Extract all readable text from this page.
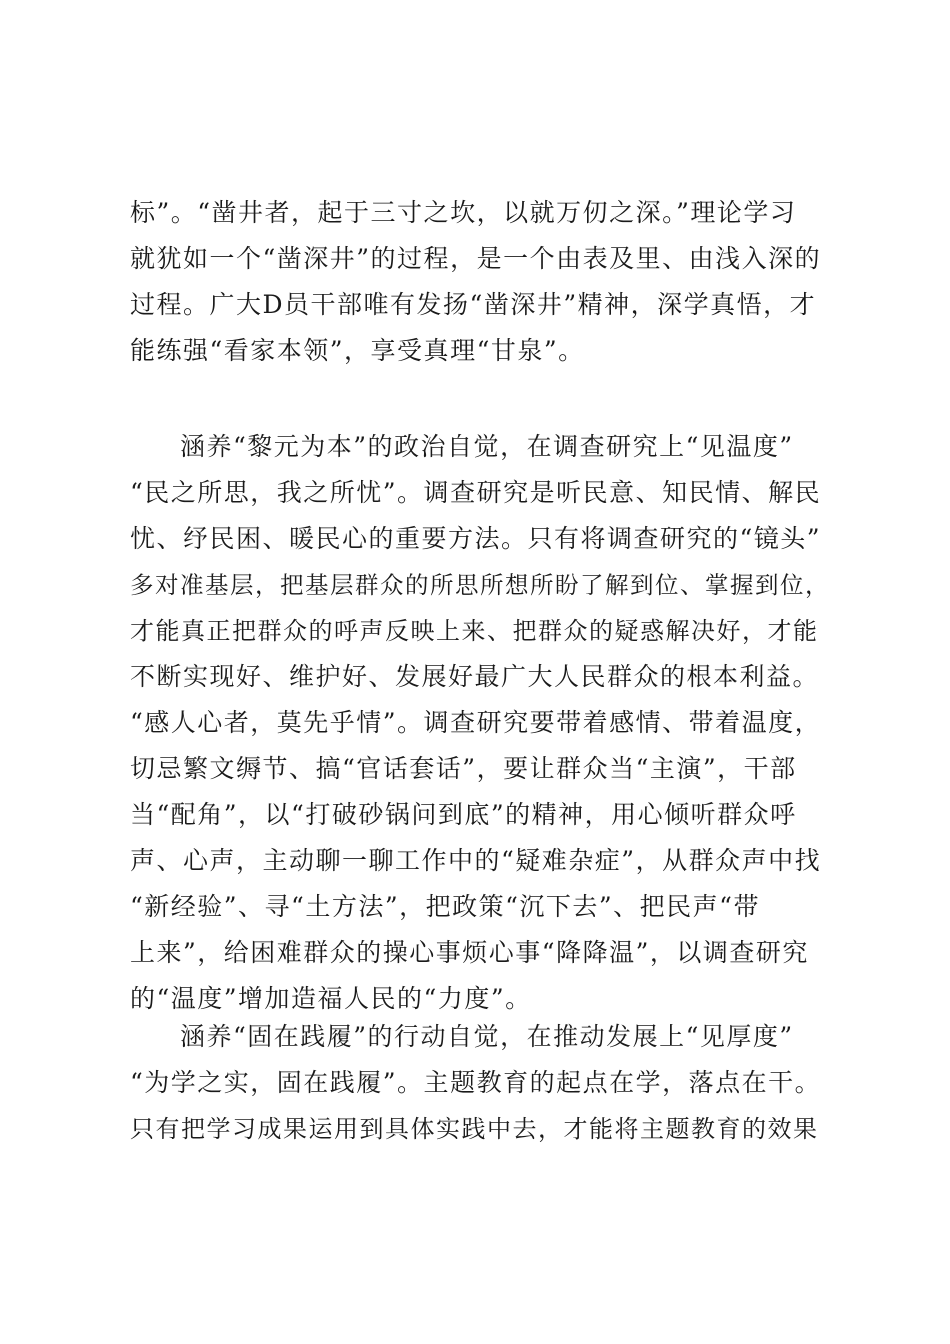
标”。“凿井者，起于三寸之坎，以就万仞之深。”理论学习
就犹如一个“凿深井”的过程，是一个由表及里、由浅入深的
过程。广大D员干部唯有发扬“凿深井”精神，深学真悟，才
能练强“看家本领”，享受真理“甘泉”。
涵养“黎元为本”的政治自觉，在调查研究上“见温度”
“民之所思，我之所忧”。调查研究是听民意、知民情、解民
忧、纾民困、暖民心的重要方法。只有将调查研究的“镜头”
多对准基层，把基层群众的所思所想所盼了解到位、掌握到位，
才能真正把群众的呼声反映上来、把群众的疑惑解决好，才能
不断实现好、维护好、发展好最广大人民群众的根本利益。
“感人心者，莫先乎情”。调查研究要带着感情、带着温度，
切忌繁文缛节、搞“官话套话”，要让群众当“主演”，干部
当“配角”，以“打破砂锅问到底”的精神，用心倾听群众呼
声、心声，主动聊一聊工作中的“疑难杂症”，从群众声中找
“新经验”、寻“土方法”，把政策“沉下去”、把民声“带
上来”，给困难群众的操心事烦心事“降降温”，以调查研究
的“温度”增加造福人民的“力度”。
涵养“固在践履”的行动自觉，在推动发展上“见厚度”
“为学之实，固在践履”。主题教育的起点在学，落点在干。
只有把学习成果运用到具体实践中去，才能将主题教育的效果
